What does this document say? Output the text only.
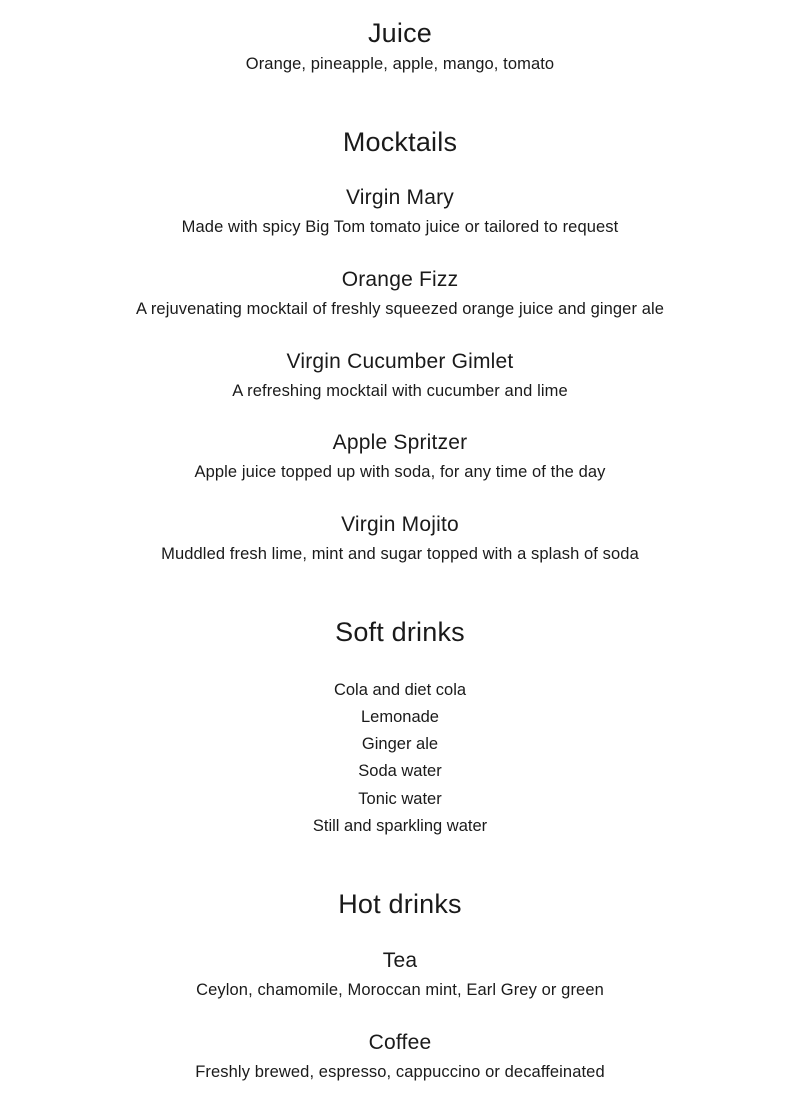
Juice
Orange, pineapple, apple, mango, tomato
Mocktails
Virgin Mary
Made with spicy Big Tom tomato juice or tailored to request
Orange Fizz
A rejuvenating mocktail of freshly squeezed orange juice and ginger ale
Virgin Cucumber Gimlet
A refreshing mocktail with cucumber and lime
Apple Spritzer
Apple juice topped up with soda, for any time of the day
Virgin Mojito
Muddled fresh lime, mint and sugar topped with a splash of soda
Soft drinks
Cola and diet cola
Lemonade
Ginger ale
Soda water
Tonic water
Still and sparkling water
Hot drinks
Tea
Ceylon, chamomile, Moroccan mint, Earl Grey or green
Coffee
Freshly brewed, espresso, cappuccino or decaffeinated
